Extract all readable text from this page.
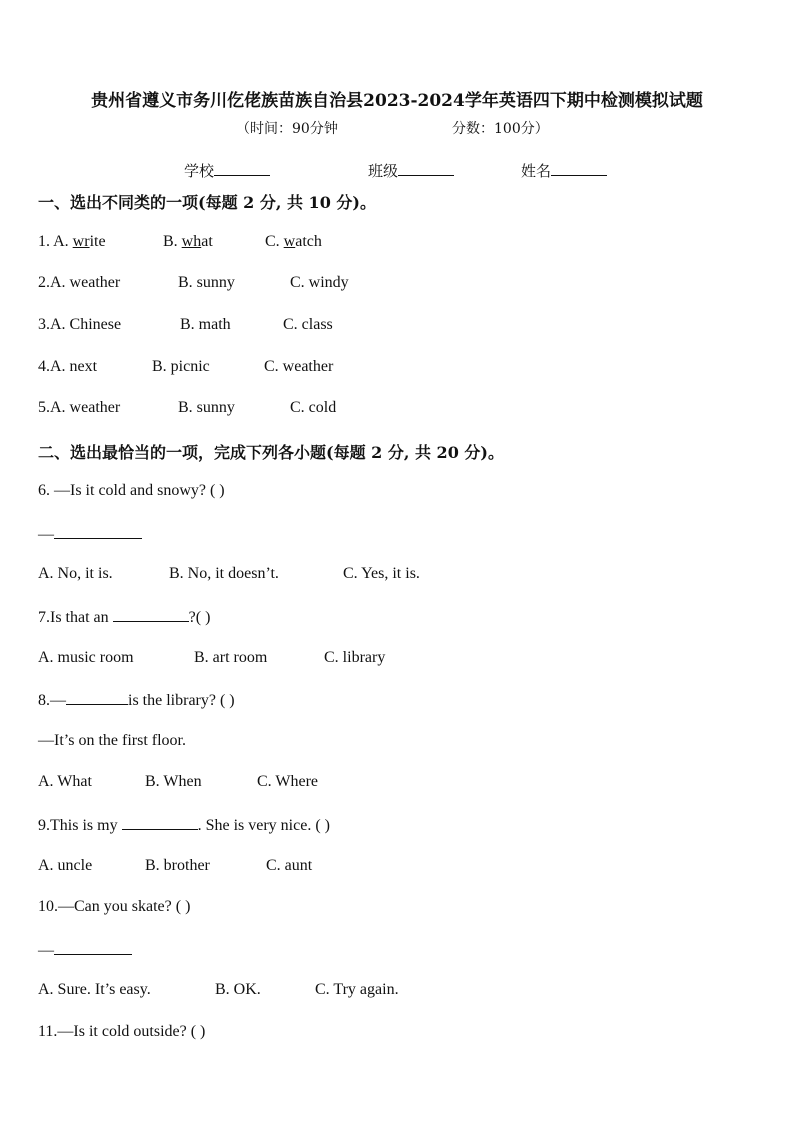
贵州省遵义市务川仡佬族苗族自治县2023-2024学年英语四下期中检测模拟试题
（时间：90分钟	分数：100分）
学校	班级	姓名
一、选出不同类的一项(每题 2 分, 共 10 分)。
1. A. write	B. what	C. watch
2.A. weather	B. sunny	C. windy
3.A. Chinese	B. math	C. class
4.A. next	B. picnic	C. weather
5.A. weather	B. sunny	C. cold
二、选出最恰当的一项，完成下列各小题(每题 2 分, 共 20 分)。
6. —Is it cold and snowy? ( )
—
A. No, it is.	B. No, it doesn’t.	C. Yes, it is.
7.Is that an	?( )
A. music room	B. art room	C. library
8.—	is the library? ( )
—It’s on the first floor.
A. What	B. When	C. Where
9.This is my	. She is very nice. ( )
A. uncle	B. brother	C. aunt
10.—Can you skate? ( )
—
A. Sure. It’s easy.	B. OK.	C. Try again.
11.—Is it cold outside? ( )
